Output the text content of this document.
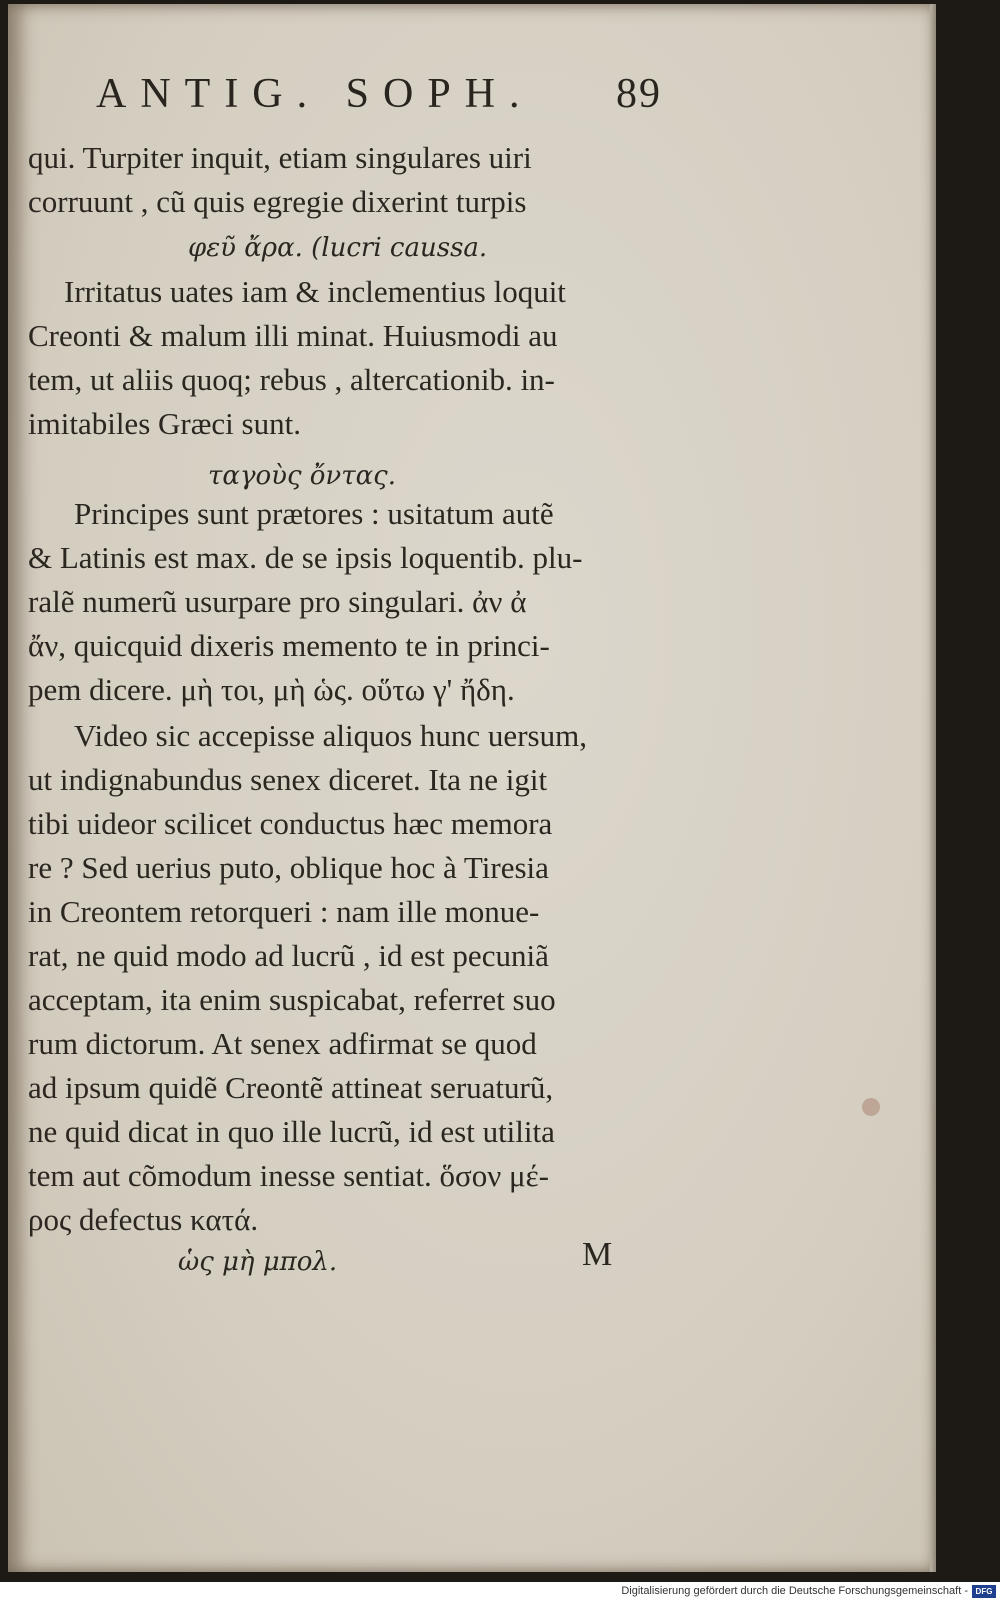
ANTIG. SOPH. 89
qui. Turpiter inquit, etiam singulares uiri
corruunt , cũ quis egregie dixerint turpis
φεῦ ἄρα. (lucri caussa.
Irritatus uates iam & inclementius loquit
Creonti & malum illi minat. Huiusmodi au
tem, ut aliis quoq; rebus , altercationib. in-
imitabiles Græci sunt.
ταγοὺς ὄντας.
Principes sunt prætores : usitatum autẽ
& Latinis est max. de se ipsis loquentib. plu-
ralẽ numerũ usurpare pro singulari. ἀν ἀ
ἄν, quicquid dixeris memento te in princi-
pem dicere. μὴ τοι, μὴ ὡς. οὕτω γ' ἤδη.
Video sic accepisse aliquos hunc uersum,
ut indignabundus senex diceret. Ita ne igit
tibi uideor scilicet conductus hæc memora
re ? Sed uerius puto, oblique hoc à Tiresia
in Creontem retorqueri : nam ille monue-
rat, ne quid modo ad lucrũ , id est pecuniã
acceptam, ita enim suspicabat, referret suo
rum dictorum. At senex adfirmat se quod
ad ipsum quidẽ Creontẽ attineat seruaturũ,
ne quid dicat in quo ille lucrũ, id est utilita
tem aut cõmodum inesse sentiat. ὅσον μέ-
ρος defectus κατά.
ὡς μὴ μπολ.	M
Digitalisierung gefördert durch die Deutsche Forschungsgemeinschaft - DFG
